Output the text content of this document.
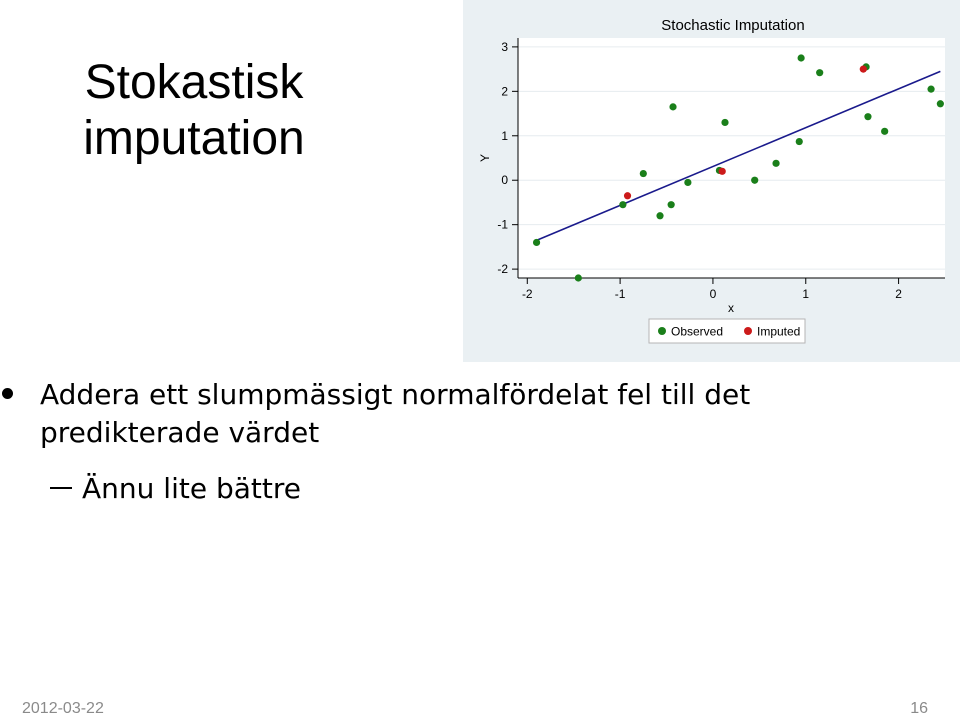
Stokastisk
imputation
-2
-1
0
1
2
3
-2	-1	0	1	2
Stochastic Imputation
x
Y
Observed	Imputed
Addera ett slumpmässigt normalfördelat fel till det predikterade värdet
Ännu lite bättre
2012-03-22	16
